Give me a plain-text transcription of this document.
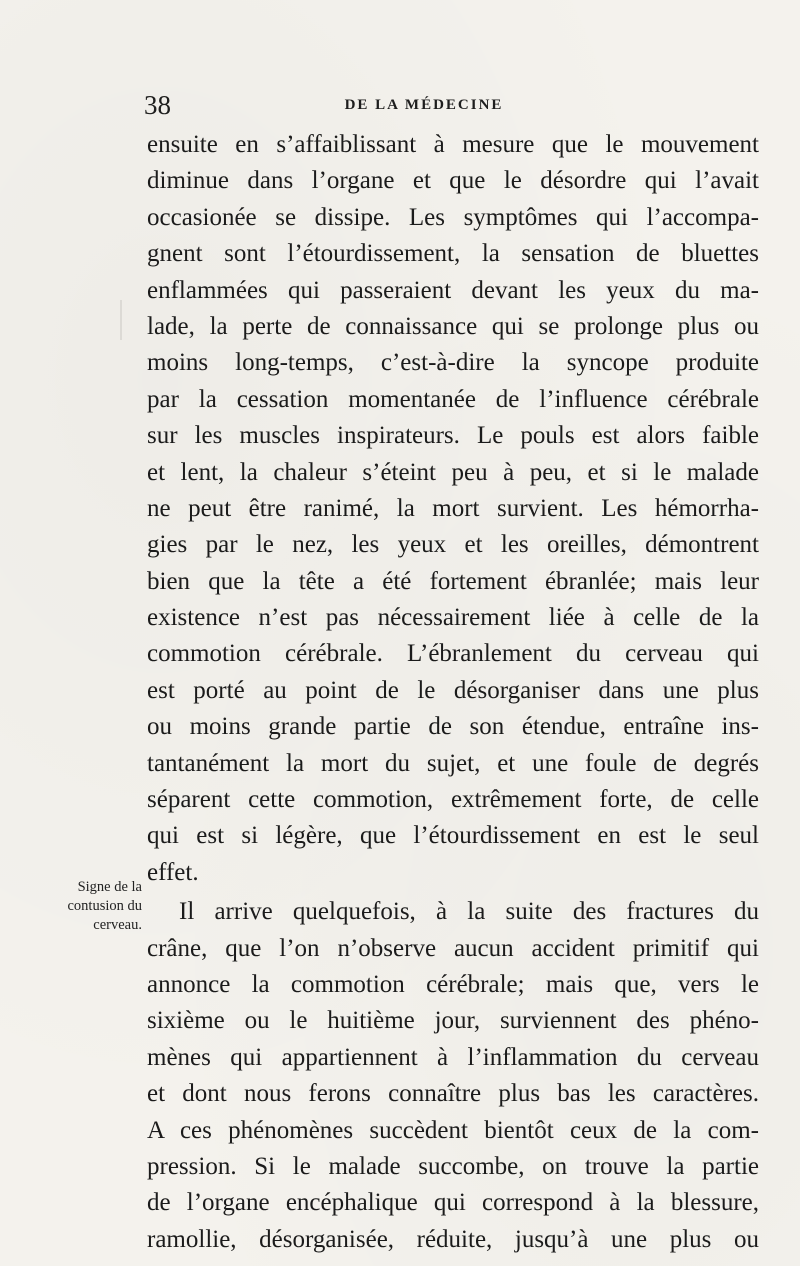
38	DE LA MÉDECINE
Signe de la
contusion du
cerveau.
ensuite en s’affaiblissant à mesure que le mouvement
diminue dans l’organe et que le désordre qui l’avait
occasionée se dissipe. Les symptômes qui l’accompa-
gnent sont l’étourdissement, la sensation de bluettes
enflammées qui passeraient devant les yeux du ma-
lade, la perte de connaissance qui se prolonge plus ou
moins long-temps, c’est-à-dire la syncope produite
par la cessation momentanée de l’influence cérébrale
sur les muscles inspirateurs. Le pouls est alors faible
et lent, la chaleur s’éteint peu à peu, et si le malade
ne peut être ranimé, la mort survient. Les hémorrha-
gies par le nez, les yeux et les oreilles, démontrent
bien que la tête a été fortement ébranlée; mais leur
existence n’est pas nécessairement liée à celle de la
commotion cérébrale. L’ébranlement du cerveau qui
est porté au point de le désorganiser dans une plus
ou moins grande partie de son étendue, entraîne ins-
tantanément la mort du sujet, et une foule de degrés
séparent cette commotion, extrêmement forte, de celle
qui est si légère, que l’étourdissement en est le seul
effet.
Il arrive quelquefois, à la suite des fractures du
crâne, que l’on n’observe aucun accident primitif qui
annonce la commotion cérébrale; mais que, vers le
sixième ou le huitième jour, surviennent des phéno-
mènes qui appartiennent à l’inflammation du cerveau
et dont nous ferons connaître plus bas les caractères.
A ces phénomènes succèdent bientôt ceux de la com-
pression. Si le malade succombe, on trouve la partie
de l’organe encéphalique qui correspond à la blessure,
ramollie, désorganisée, réduite, jusqu’à une plus ou
